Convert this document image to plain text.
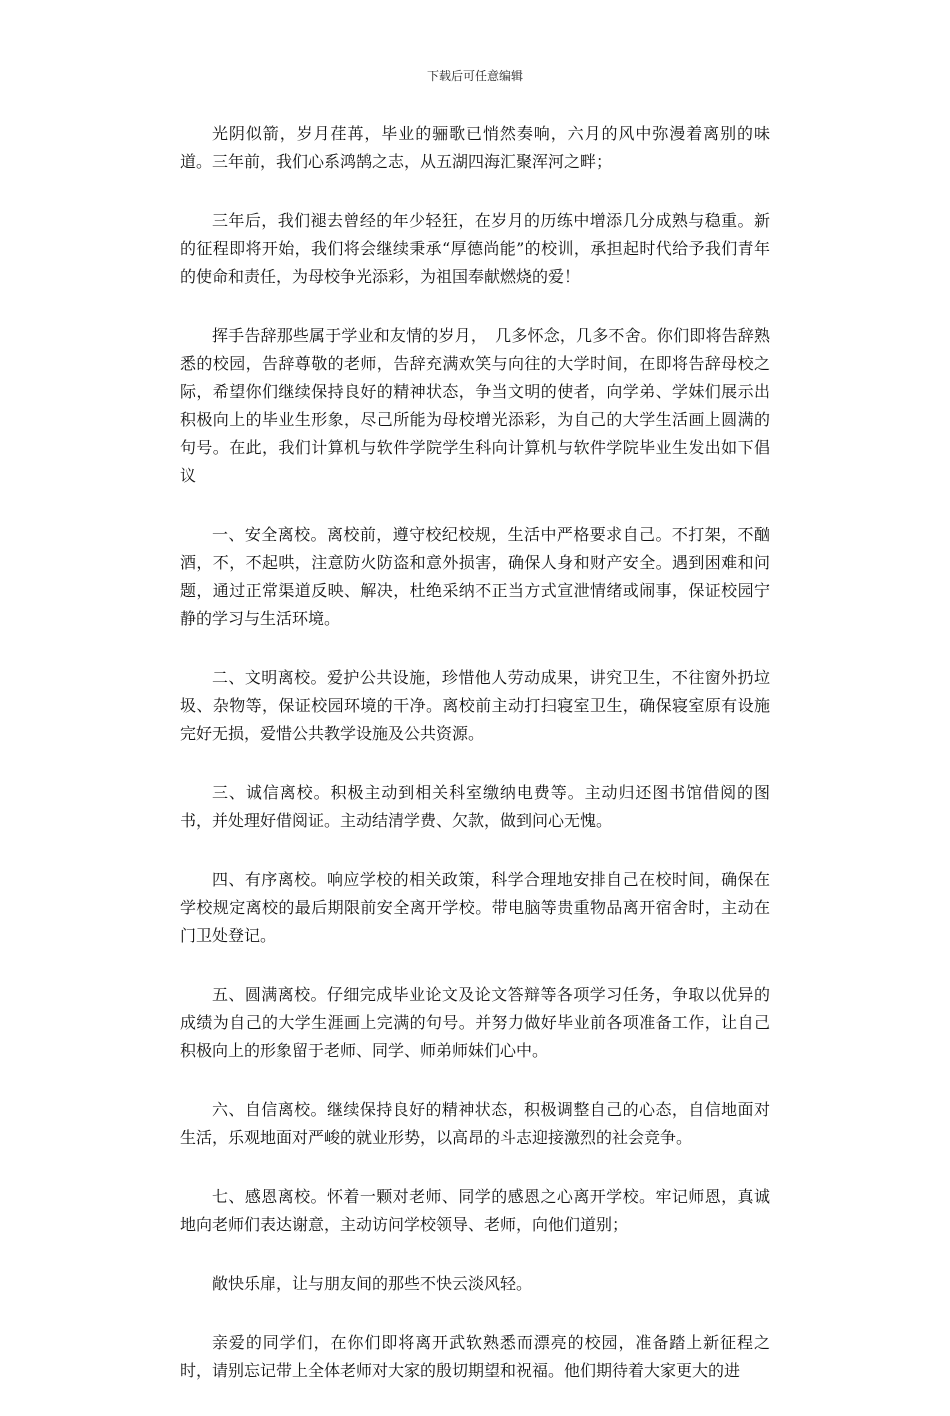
下载后可任意编辑

光阴似箭，岁月荏苒，毕业的骊歌已悄然奏响，六月的风中弥漫着离别的味道。三年前，我们心系鸿鹄之志，从五湖四海汇聚浑河之畔；

三年后，我们褪去曾经的年少轻狂，在岁月的历练中增添几分成熟与稳重。新的征程即将开始，我们将会继续秉承“厚德尚能”的校训，承担起时代给予我们青年的使命和责任，为母校争光添彩，为祖国奉献燃烧的爱！

挥手告辞那些属于学业和友情的岁月，　几多怀念，几多不舍。你们即将告辞熟悉的校园，告辞尊敬的老师，告辞充满欢笑与向往的大学时间，在即将告辞母校之际，希望你们继续保持良好的精神状态，争当文明的使者，向学弟、学妹们展示出积极向上的毕业生形象，尽己所能为母校增光添彩，为自己的大学生活画上圆满的句号。在此，我们计算机与软件学院学生科向计算机与软件学院毕业生发出如下倡议

一、安全离校。离校前，遵守校纪校规，生活中严格要求自己。不打架，不酗酒，不，不起哄，注意防火防盗和意外损害，确保人身和财产安全。遇到困难和问题，通过正常渠道反映、解决，杜绝采纳不正当方式宣泄情绪或闹事，保证校园宁静的学习与生活环境。

二、文明离校。爱护公共设施，珍惜他人劳动成果，讲究卫生，不往窗外扔垃圾、杂物等，保证校园环境的干净。离校前主动打扫寝室卫生，确保寝室原有设施完好无损，爱惜公共教学设施及公共资源。

三、诚信离校。积极主动到相关科室缴纳电费等。主动归还图书馆借阅的图书，并处理好借阅证。主动结清学费、欠款，做到问心无愧。

四、有序离校。响应学校的相关政策，科学合理地安排自己在校时间，确保在学校规定离校的最后期限前安全离开学校。带电脑等贵重物品离开宿舍时，主动在门卫处登记。

五、圆满离校。仔细完成毕业论文及论文答辩等各项学习任务，争取以优异的成绩为自己的大学生涯画上完满的句号。并努力做好毕业前各项准备工作，让自己积极向上的形象留于老师、同学、师弟师妹们心中。

六、自信离校。继续保持良好的精神状态，积极调整自己的心态，自信地面对生活，乐观地面对严峻的就业形势，以高昂的斗志迎接激烈的社会竞争。

七、感恩离校。怀着一颗对老师、同学的感恩之心离开学校。牢记师恩，真诚地向老师们表达谢意，主动访问学校领导、老师，向他们道别；

敞快乐扉，让与朋友间的那些不快云淡风轻。

亲爱的同学们，在你们即将离开武软熟悉而漂亮的校园，准备踏上新征程之时，请别忘记带上全体老师对大家的殷切期望和祝福。他们期待着大家更大的进
